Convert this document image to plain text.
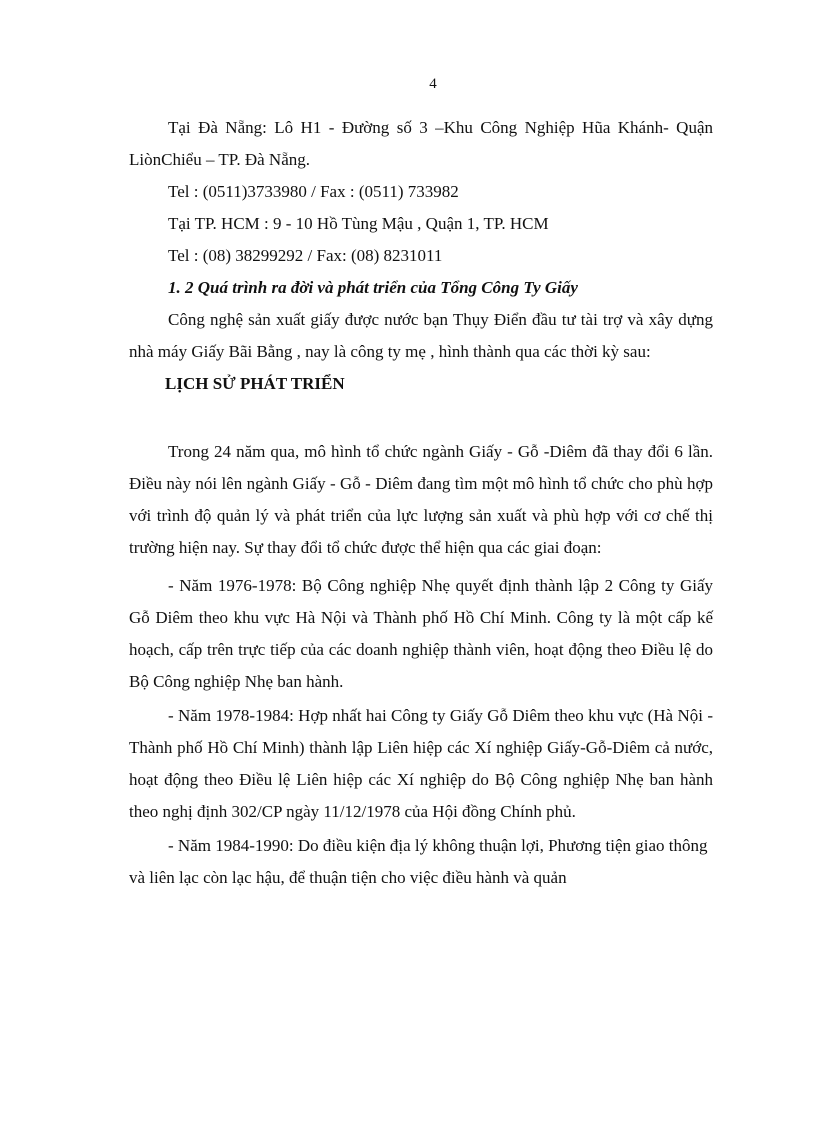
4

Tại Đà Nẵng: Lô H1 - Đường số 3 –Khu Công Nghiệp Hũa Khánh- Quận LiònChiểu – TP. Đà Nẵng.

Tel : (0511)3733980 / Fax : (0511) 733982

Tại TP. HCM : 9 - 10 Hồ Tùng Mậu , Quận 1, TP. HCM

Tel : (08) 38299292 / Fax: (08) 8231011

1. 2 Quá trình ra đời và phát triển của Tổng Công Ty Giấy

Công nghệ sản xuất giấy được nước bạn Thụy Điển đầu tư tài trợ và xây dựng nhà máy Giấy Bãi Bằng , nay là công ty mẹ , hình thành qua các thời kỳ sau:

LỊCH SỬ PHÁT TRIỂN

Trong 24 năm qua, mô hình tổ chức ngành Giấy - Gỗ -Diêm đã thay đổi 6 lần. Điều này nói lên ngành Giấy - Gỗ - Diêm đang tìm một mô hình tổ chức cho phù hợp với trình độ quản lý và phát triển của lực lượng sản xuất và phù hợp với cơ chế thị trường hiện nay. Sự thay đổi tổ chức được thể hiện qua các giai đoạn:

- Năm 1976-1978: Bộ Công nghiệp Nhẹ quyết định thành lập 2 Công ty Giấy Gỗ Diêm theo khu vực Hà Nội và Thành phố Hồ Chí Minh. Công ty là một cấp kế hoạch, cấp trên trực tiếp của các doanh nghiệp thành viên, hoạt động theo Điều lệ do Bộ Công nghiệp Nhẹ ban hành.

- Năm 1978-1984: Hợp nhất hai Công ty Giấy Gỗ Diêm theo khu vực (Hà Nội - Thành phố Hồ Chí Minh) thành lập Liên hiệp các Xí nghiệp Giấy-Gỗ-Diêm cả nước, hoạt động theo Điều lệ Liên hiệp các Xí nghiệp do Bộ Công nghiệp Nhẹ ban hành theo nghị định 302/CP ngày 11/12/1978 của Hội đồng Chính phủ.

- Năm 1984-1990: Do điều kiện địa lý không thuận lợi, Phương tiện giao thông và liên lạc còn lạc hậu, để thuận tiện cho việc điều hành và quản
